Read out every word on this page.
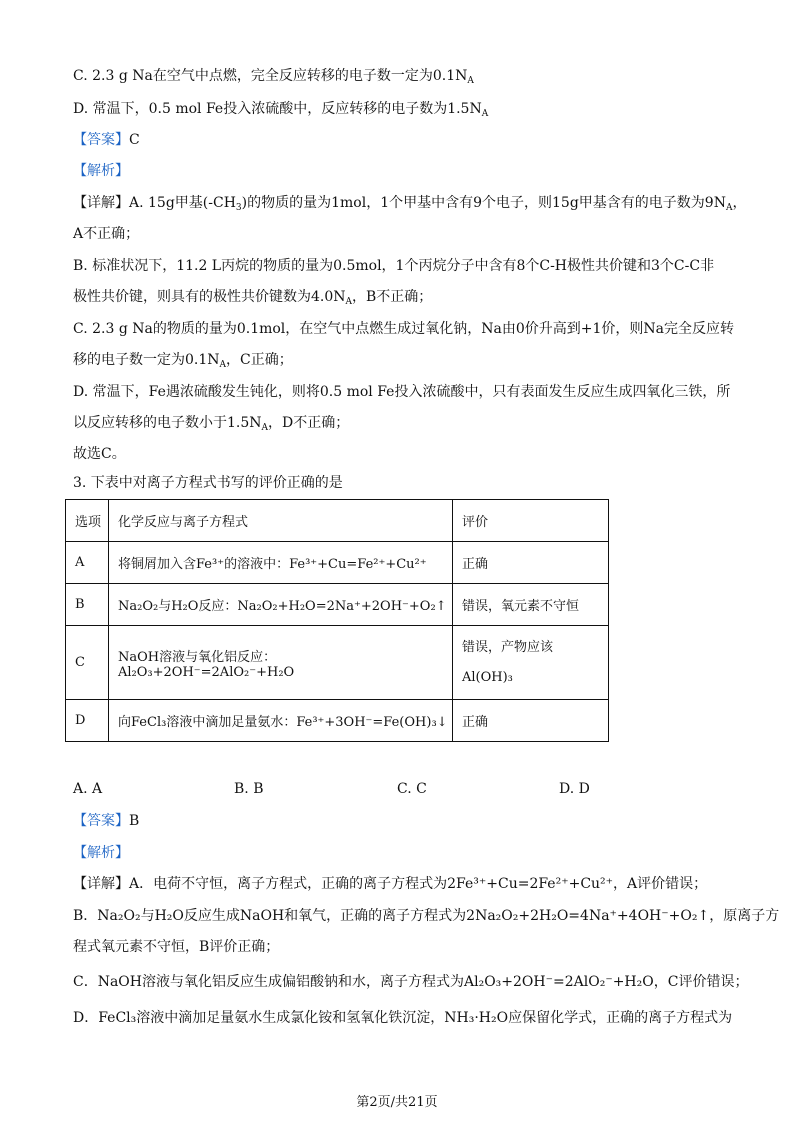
C. 2.3 g Na在空气中点燃，完全反应转移的电子数一定为$0.1N_A$
D. 常温下，0.5 mol Fe投入浓硫酸中，反应转移的电子数为$1.5N_A$
【答案】C
【解析】
【详解】A. 15g甲基$(-CH_3)$的物质的量为1mol，1个甲基中含有9个电子，则15g甲基含有的电子数为$9N_A$，
A不正确；
B. 标准状况下，11.2 L丙烷的物质的量为0.5mol，1个丙烷分子中含有8个C-H极性共价键和3个C-C非
极性共价键，则具有的极性共价键数为$4.0N_A$，B不正确；
C. 2.3 g Na的物质的量为0.1mol，在空气中点燃生成过氧化钠，Na由0价升高到+1价，则Na完全反应转
移的电子数一定为$0.1N_A$，C正确；
D. 常温下，Fe遇浓硫酸发生钝化，则将0.5 mol Fe投入浓硫酸中，只有表面发生反应生成四氧化三铁，所
以反应转移的电子数小于$1.5N_A$，D不正确；
故选C。
3. 下表中对离子方程式书写的评价正确的是
选项	化学反应与离子方程式	评价
A	将铜屑加入含Fe³⁺的溶液中：Fe³⁺+Cu=Fe²⁺+Cu²⁺	正确
B	Na₂O₂与H₂O反应：Na₂O₂+H₂O=2Na⁺+2OH⁻+O₂↑	错误，氧元素不守恒
C	NaOH溶液与氧化铝反应：Al₂O₃+2OH⁻=2AlO₂⁻+H₂O	错误，产物应该
Al(OH)₃

D	向FeCl₃溶液中滴加足量氨水：Fe³⁺+3OH⁻=Fe(OH)₃↓	正确
A. A	B. B	C. C	D. D
【答案】B
【解析】
【详解】A．电荷不守恒，离子方程式，正确的离子方程式为2Fe³⁺+Cu=2Fe²⁺+Cu²⁺，A评价错误；
B．Na₂O₂与H₂O反应生成NaOH和氧气，正确的离子方程式为2Na₂O₂+2H₂O=4Na⁺+4OH⁻+O₂↑，原离子方
程式氧元素不守恒，B评价正确；
C．NaOH溶液与氧化铝反应生成偏铝酸钠和水，离子方程式为Al₂O₃+2OH⁻=2AlO₂⁻+H₂O，C评价错误；
D．FeCl₃溶液中滴加足量氨水生成氯化铵和氢氧化铁沉淀，NH₃·H₂O应保留化学式，正确的离子方程式为
第2页/共21页
